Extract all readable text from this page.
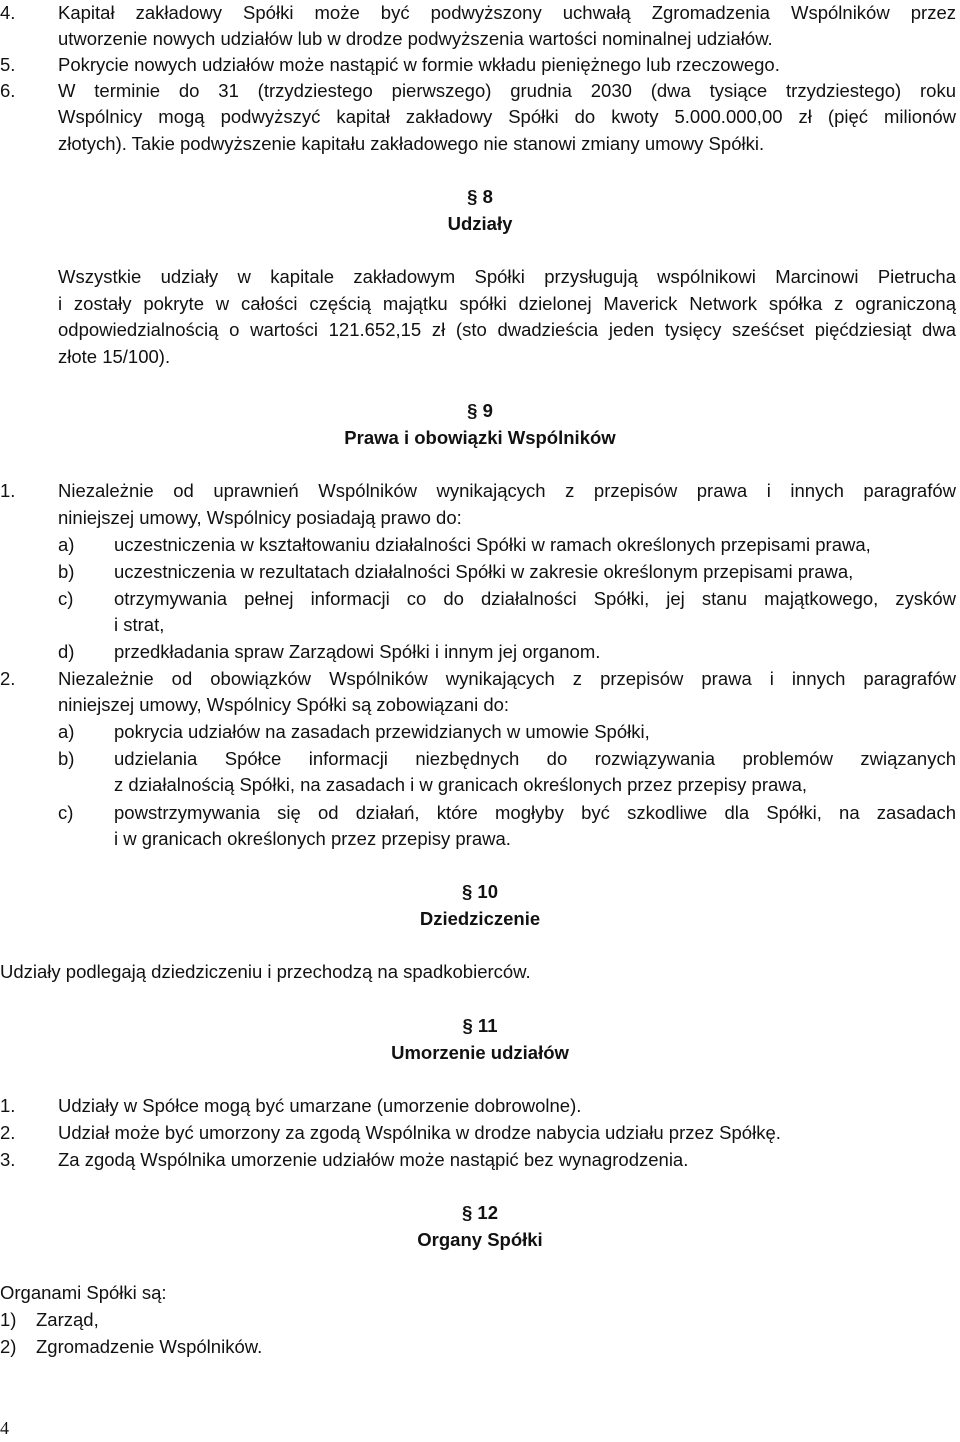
4. Kapitał zakładowy Spółki może być podwyższony uchwałą Zgromadzenia Wspólników przez
utworzenie nowych udziałów lub w drodze podwyższenia wartości nominalnej udziałów.
5. Pokrycie nowych udziałów może nastąpić w formie wkładu pieniężnego lub rzeczowego.
6. W terminie do 31 (trzydziestego pierwszego) grudnia 2030 (dwa tysiące trzydziestego) roku
Wspólnicy mogą podwyższyć kapitał zakładowy Spółki do kwoty 5.000.000,00 zł (pięć milionów
złotych). Takie podwyższenie kapitału zakładowego nie stanowi zmiany umowy Spółki.
§ 8
Udziały
Wszystkie udziały w kapitale zakładowym Spółki przysługują wspólnikowi Marcinowi Pietrucha
i zostały pokryte w całości częścią majątku spółki dzielonej Maverick Network spółka z ograniczoną
odpowiedzialnością o wartości 121.652,15 zł (sto dwadzieścia jeden tysięcy sześćset pięćdziesiąt dwa
złote 15/100).
§ 9
Prawa i obowiązki Wspólników
1. Niezależnie od uprawnień Wspólników wynikających z przepisów prawa i innych paragrafów
niniejszej umowy, Wspólnicy posiadają prawo do:
a) uczestniczenia w kształtowaniu działalności Spółki w ramach określonych przepisami prawa,
b) uczestniczenia w rezultatach działalności Spółki w zakresie określonym przepisami prawa,
c) otrzymywania pełnej informacji co do działalności Spółki, jej stanu majątkowego, zysków
i strat,
d) przedkładania spraw Zarządowi Spółki i innym jej organom.
2. Niezależnie od obowiązków Wspólników wynikających z przepisów prawa i innych paragrafów
niniejszej umowy, Wspólnicy Spółki są zobowiązani do:
a) pokrycia udziałów na zasadach przewidzianych w umowie Spółki,
b) udzielania Spółce informacji niezbędnych do rozwiązywania problemów związanych
z działalnością Spółki, na zasadach i w granicach określonych przez przepisy prawa,
c) powstrzymywania się od działań, które mogłyby być szkodliwe dla Spółki, na zasadach
i w granicach określonych przez przepisy prawa.
§ 10
Dziedziczenie
Udziały podlegają dziedziczeniu i przechodzą na spadkobierców.
§ 11
Umorzenie udziałów
1. Udziały w Spółce mogą być umarzane (umorzenie dobrowolne).
2. Udział może być umorzony za zgodą Wspólnika w drodze nabycia udziału przez Spółkę.
3. Za zgodą Wspólnika umorzenie udziałów może nastąpić bez wynagrodzenia.
§ 12
Organy Spółki
Organami Spółki są:
1) Zarząd,
2) Zgromadzenie Wspólników.
4
